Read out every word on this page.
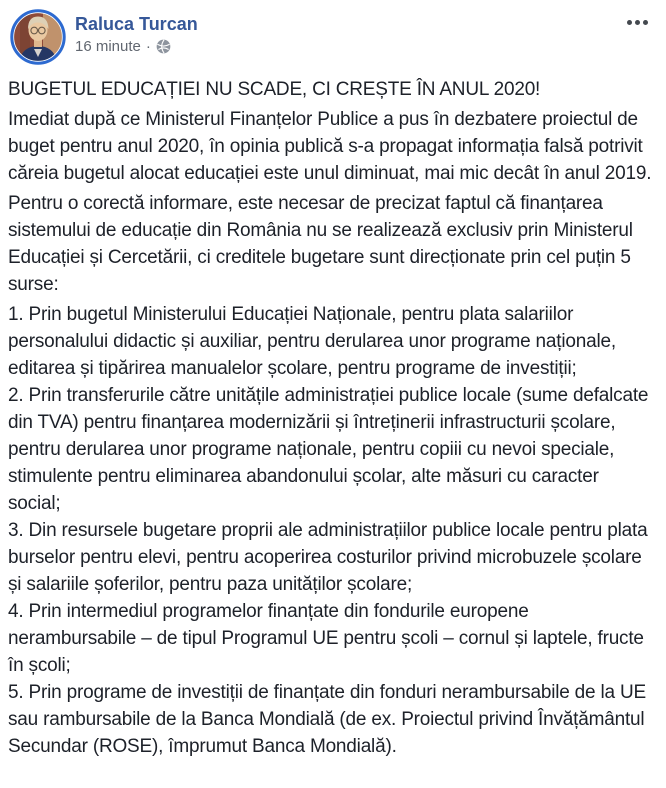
Raluca Turcan
16 minute ·

BUGETUL EDUCAȚIEI NU SCADE, CI CREȘTE ÎN ANUL 2020!

Imediat după ce Ministerul Finanțelor Publice a pus în dezbatere proiectul de buget pentru anul 2020, în opinia publică s-a propagat informația falsă potrivit căreia bugetul alocat educației este unul diminuat, mai mic decât în anul 2019.

Pentru o corectă informare, este necesar de precizat faptul că finanțarea sistemului de educație din România nu se realizează exclusiv prin Ministerul Educației și Cercetării, ci creditele bugetare sunt direcționate prin cel puțin 5 surse:

1. Prin bugetul Ministerului Educației Naționale, pentru plata salariilor personalului didactic și auxiliar, pentru derularea unor programe naționale, editarea și tipărirea manualelor școlare, pentru programe de investiții;

2. Prin transferurile către unitățile administrației publice locale (sume defalcate din TVA) pentru finanțarea modernizării și întreținerii infrastructurii școlare, pentru derularea unor programe naționale, pentru copiii cu nevoi speciale, stimulente pentru eliminarea abandonului școlar, alte măsuri cu caracter social;

3. Din resursele bugetare proprii ale administrațiilor publice locale pentru plata burselor pentru elevi, pentru acoperirea costurilor privind microbuzele școlare și salariile șoferilor, pentru paza unităților școlare;

4. Prin intermediul programelor finanțate din fondurile europene nerambursabile – de tipul Programul UE pentru școli – cornul și laptele, fructe în școli;

5. Prin programe de investiții de finanțate din fonduri nerambursabile de la UE sau rambursabile de la Banca Mondială (de ex. Proiectul privind Învățământul Secundar (ROSE), împrumut Banca Mondială).
